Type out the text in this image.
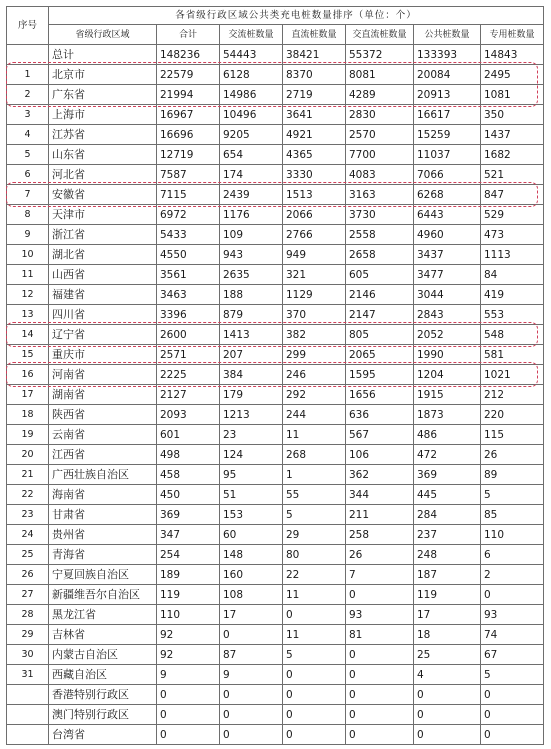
序号	各省级行政区域公共类充电桩数量排序（单位：个）						
	省级行政区域	合计	交流桩数量	直流桩数量	交直流桩数量	公共桩数量	专用桩数量
	总计	148236	54443	38421	55372	133393	14843
1	北京市	22579	6128	8370	8081	20084	2495
2	广东省	21994	14986	2719	4289	20913	1081
3	上海市	16967	10496	3641	2830	16617	350
4	江苏省	16696	9205	4921	2570	15259	1437
5	山东省	12719	654	4365	7700	11037	1682
6	河北省	7587	174	3330	4083	7066	521
7	安徽省	7115	2439	1513	3163	6268	847
8	天津市	6972	1176	2066	3730	6443	529
9	浙江省	5433	109	2766	2558	4960	473
10	湖北省	4550	943	949	2658	3437	1113
11	山西省	3561	2635	321	605	3477	84
12	福建省	3463	188	1129	2146	3044	419
13	四川省	3396	879	370	2147	2843	553
14	辽宁省	2600	1413	382	805	2052	548
15	重庆市	2571	207	299	2065	1990	581
16	河南省	2225	384	246	1595	1204	1021
17	湖南省	2127	179	292	1656	1915	212
18	陕西省	2093	1213	244	636	1873	220
19	云南省	601	23	11	567	486	115
20	江西省	498	124	268	106	472	26
21	广西壮族自治区	458	95	1	362	369	89
22	海南省	450	51	55	344	445	5
23	甘肃省	369	153	5	211	284	85
24	贵州省	347	60	29	258	237	110
25	青海省	254	148	80	26	248	6
26	宁夏回族自治区	189	160	22	7	187	2
27	新疆维吾尔自治区	119	108	11	0	119	0
28	黑龙江省	110	17	0	93	17	93
29	吉林省	92	0	11	81	18	74
30	内蒙古自治区	92	87	5	0	25	67
31	西藏自治区	9	9	0	0	4	5
	香港特别行政区	0	0	0	0	0	0
	澳门特别行政区	0	0	0	0	0	0
	台湾省	0	0	0	0	0	0
